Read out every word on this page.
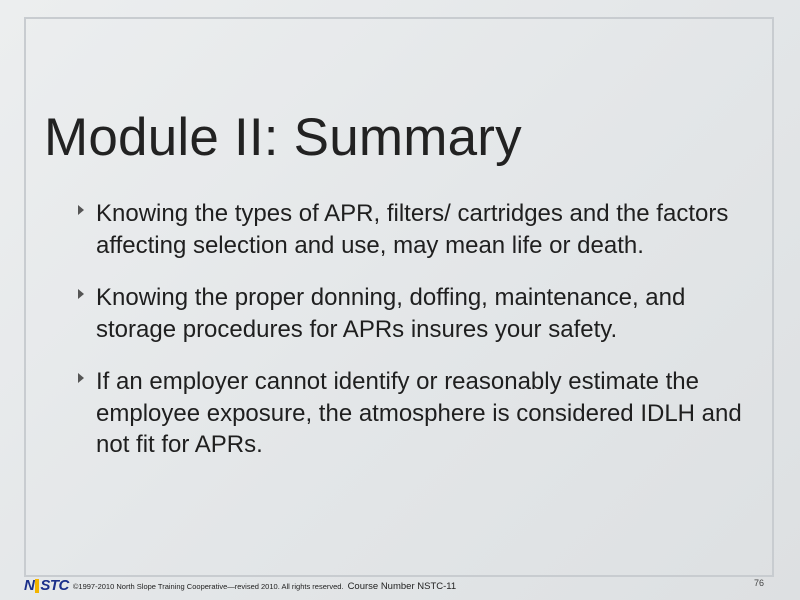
Module II: Summary
Knowing the types of APR, filters/ cartridges and the factors affecting selection and use, may mean life or death.
Knowing the proper donning, doffing, maintenance, and storage procedures for APRs insures your safety.
If an employer cannot identify or reasonably estimate the employee exposure, the atmosphere is considered IDLH and not fit for APRs.
N S T C ©1997-2010 North Slope Training Cooperative—revised 2010. All rights reserved. Course Number NSTC-11	76
